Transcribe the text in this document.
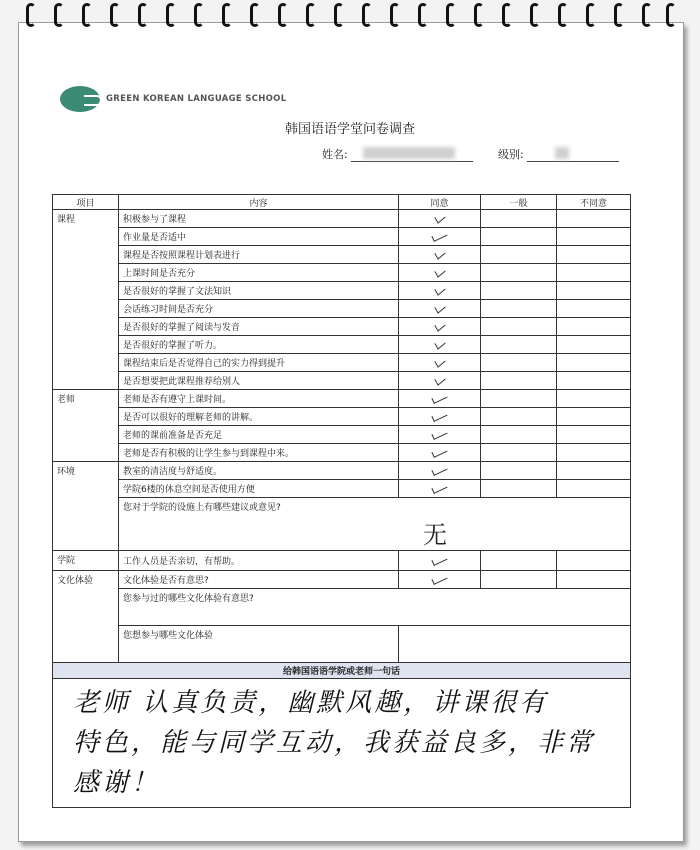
GREEN KOREAN LANGUAGE SCHOOL
韩国语语学堂问卷调查
姓名:	级别:
项目	内容	同意	一般	不同意
课程	积极参与了课程			
	作业量是否适中			
	课程是否按照课程计划表进行			
	上课时间是否充分			
	是否很好的掌握了文法知识			
	会话练习时间是否充分			
	是否很好的掌握了阅读与发音			
	是否很好的掌握了听力。			
	课程结束后是否觉得自己的实力得到提升			
	是否想要把此课程推荐给别人			
老师	老师是否有遵守上课时间。			
	是否可以很好的理解老师的讲解。			
	老师的课前准备是否充足			
	老师是否有积极的让学生参与到课程中来。			
环境	教室的清洁度与舒适度。			
	学院6楼的休息空间是否使用方便			

	您对于学院的设施上有哪些建议或意见?
无			

学院	工作人员是否亲切，有帮助。			
文化体验	文化体验是否有意思?			
	您参与过的哪些文化体验有意思?			
	您想参与哪些文化体验			
给韩国语语学院或老师一句话				

老师 认真负责，幽默风趣，讲课很有
特色，能与同学互动，我获益良多，非常
感谢！				
